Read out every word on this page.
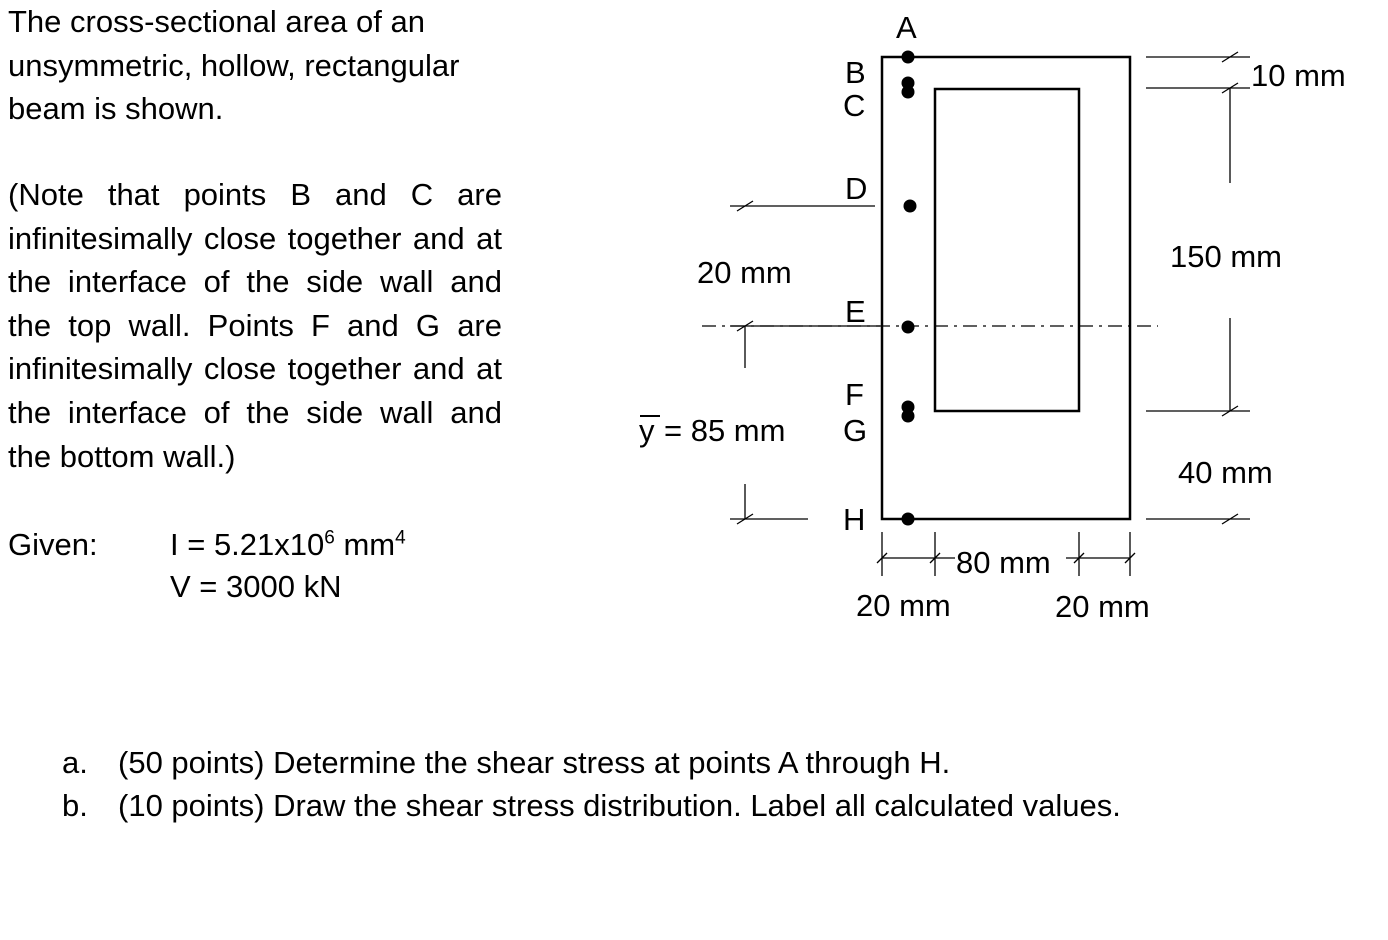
The cross-sectional area of an unsymmetric, hollow, rectangular beam is shown.
(Note that points B and C are infinitesimally close together and at the interface of the side wall and the top wall. Points F and G are infinitesimally close together and at the interface of the side wall and the bottom wall.)
Given: $I = 5.21x10^6$ $mm^4$
V = 3000 kN
A
B
C
D
E
F
G
H
10 mm
150 mm
40 mm
20 mm
y = 85 mm
80 mm
20 mm	20 mm
a. (50 points) Determine the shear stress at points A through H.
b. (10 points) Draw the shear stress distribution. Label all calculated values.
